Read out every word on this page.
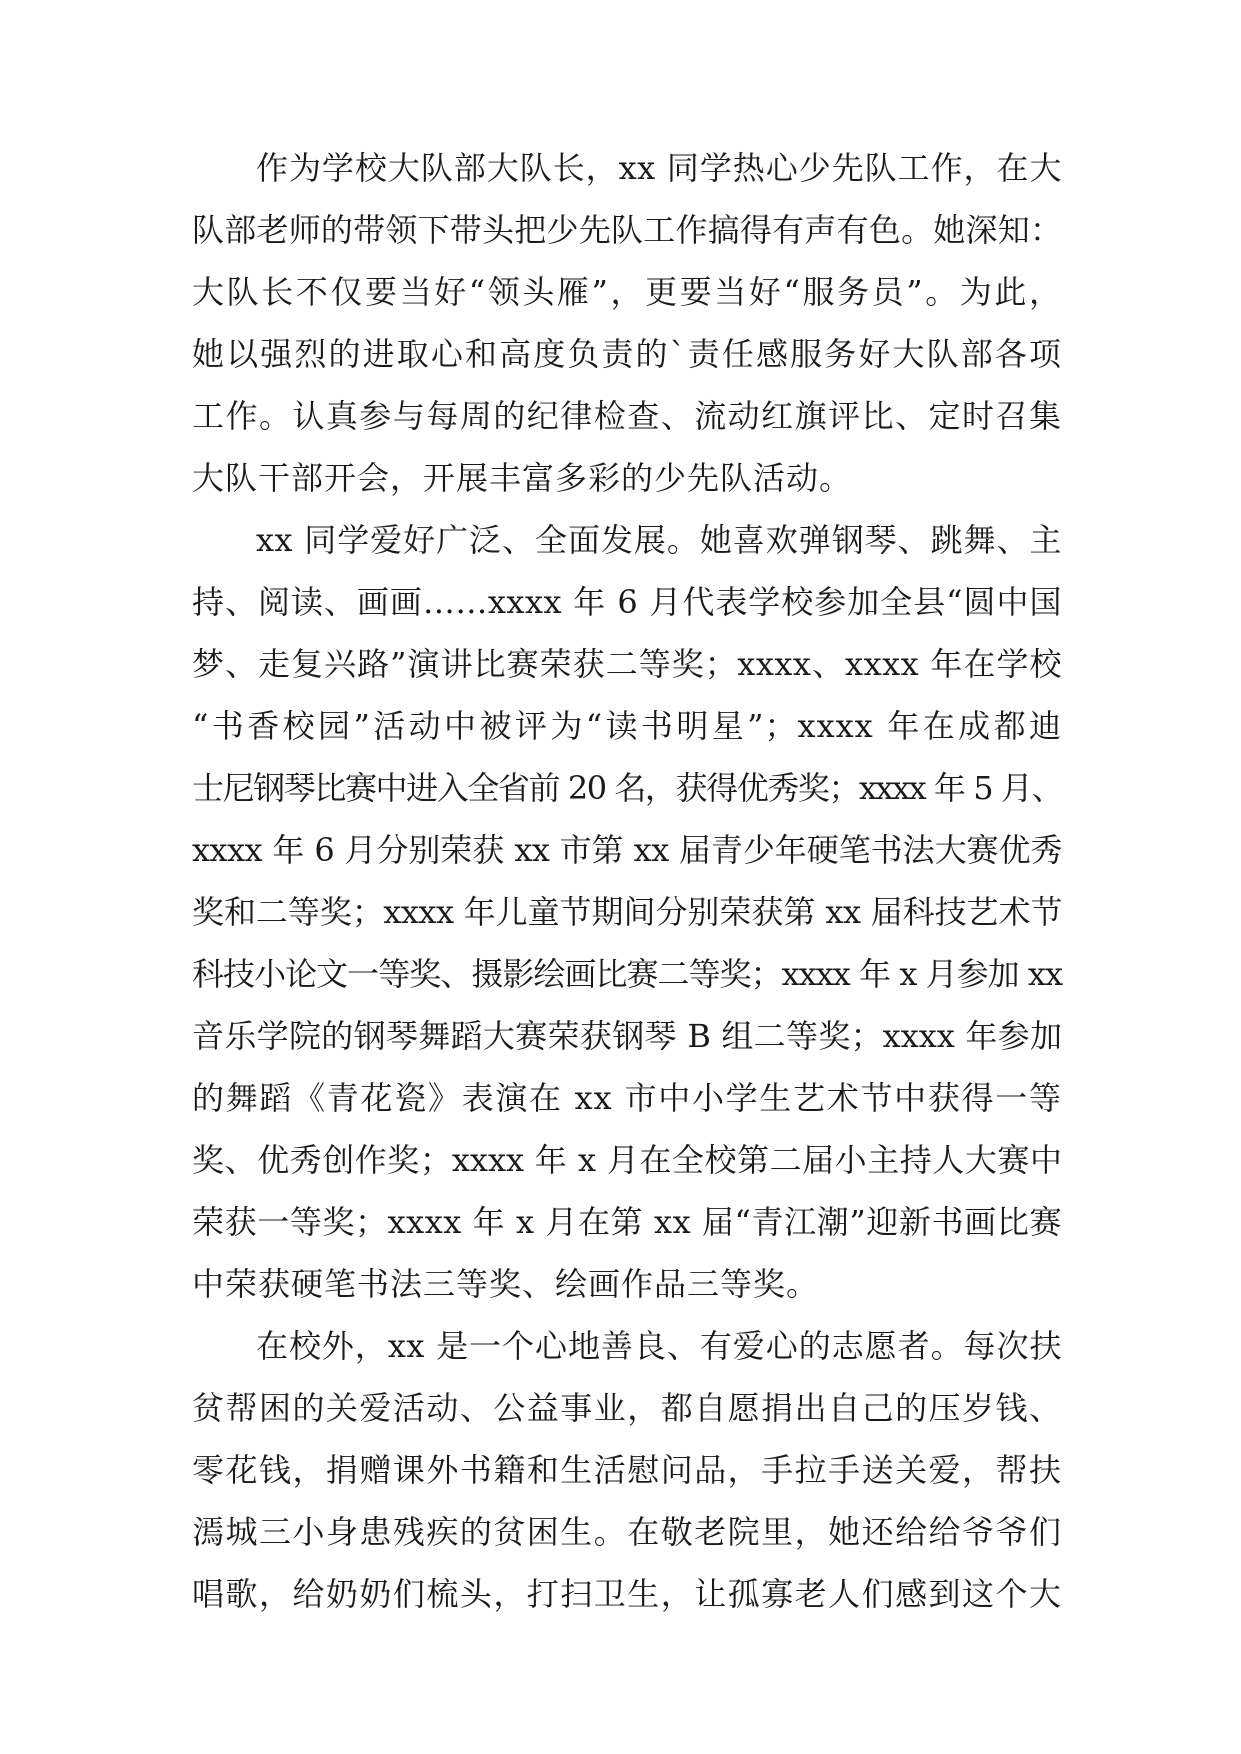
作为学校大队部大队长，xx 同学热心少先队工作，在大
队部老师的带领下带头把少先队工作搞得有声有色。她深知：
大队长不仅要当好“领头雁”，更要当好“服务员”。为此，
她以强烈的进取心和高度负责的`责任感服务好大队部各项
工作。认真参与每周的纪律检查、流动红旗评比、定时召集
大队干部开会，开展丰富多彩的少先队活动。
xx 同学爱好广泛、全面发展。她喜欢弹钢琴、跳舞、主
持、阅读、画画……xxxx 年 6 月代表学校参加全县“圆中国
梦、走复兴路”演讲比赛荣获二等奖；xxxx、xxxx 年在学校
“书香校园”活动中被评为“读书明星”；xxxx 年在成都迪
士尼钢琴比赛中进入全省前 20 名，获得优秀奖；xxxx 年 5 月、
xxxx 年 6 月分别荣获 xx 市第 xx 届青少年硬笔书法大赛优秀
奖和二等奖；xxxx 年儿童节期间分别荣获第 xx 届科技艺术节
科技小论文一等奖、摄影绘画比赛二等奖；xxxx 年 x 月参加 xx
音乐学院的钢琴舞蹈大赛荣获钢琴 B 组二等奖；xxxx 年参加
的舞蹈《青花瓷》表演在 xx 市中小学生艺术节中获得一等
奖、优秀创作奖；xxxx 年 x 月在全校第二届小主持人大赛中
荣获一等奖；xxxx 年 x 月在第 xx 届“青江潮”迎新书画比赛
中荣获硬笔书法三等奖、绘画作品三等奖。
在校外，xx 是一个心地善良、有爱心的志愿者。每次扶
贫帮困的关爱活动、公益事业，都自愿捐出自己的压岁钱、
零花钱，捐赠课外书籍和生活慰问品，手拉手送关爱，帮扶
漹城三小身患残疾的贫困生。在敬老院里，她还给给爷爷们
唱歌，给奶奶们梳头，打扫卫生，让孤寡老人们感到这个大
